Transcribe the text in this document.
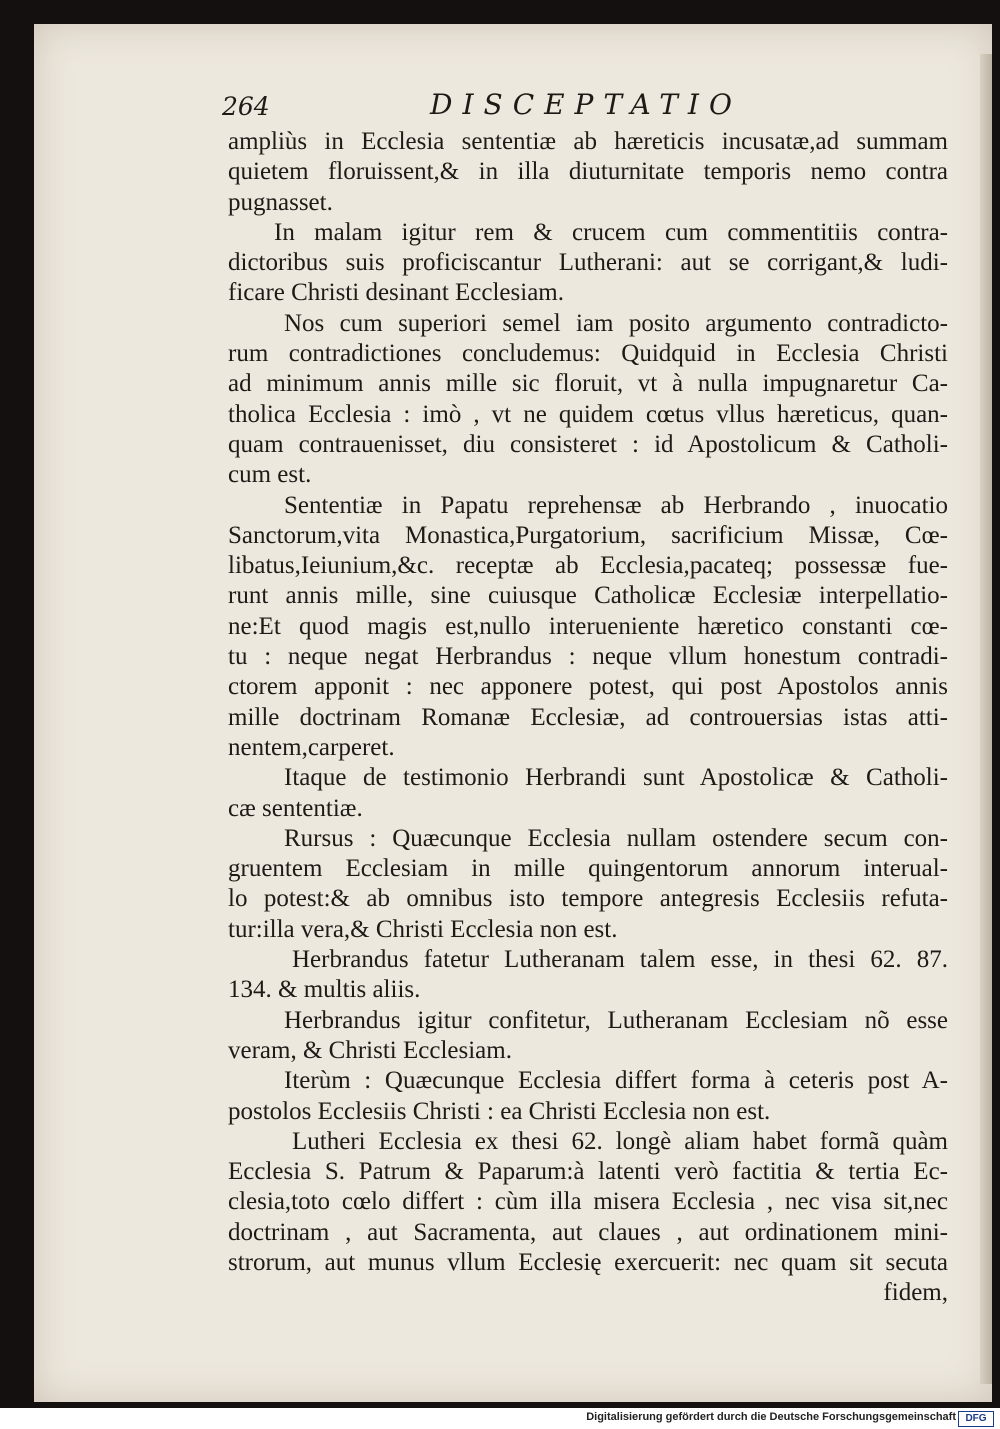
264	DISCEPTATIO
ampliùs in Ecclesia sententiæ ab hæreticis incusatæ,ad summam
quietem floruissent,& in illa diuturnitate temporis nemo contra
pugnasset.
In malam igitur rem & crucem cum commentitiis contra-
dictoribus suis proficiscantur Lutherani: aut se corrigant,& ludi-
ficare Christi desinant Ecclesiam.
Nos cum superiori semel iam posito argumento contradicto-
rum contradictiones concludemus: Quidquid in Ecclesia Christi
ad minimum annis mille sic floruit, vt à nulla impugnaretur Ca-
tholica Ecclesia : imò , vt ne quidem cœtus vllus hæreticus, quan-
quam contrauenisset, diu consisteret : id Apostolicum & Catholi-
cum est.
Sententiæ in Papatu reprehensæ ab Herbrando , inuocatio
Sanctorum,vita Monastica,Purgatorium, sacrificium Missæ, Cœ-
libatus,Ieiunium,&c. receptæ ab Ecclesia,pacateq; possessæ fue-
runt annis mille, sine cuiusque Catholicæ Ecclesiæ interpellatio-
ne:Et quod magis est,nullo interueniente hæretico constanti cœ-
tu : neque negat Herbrandus : neque vllum honestum contradi-
ctorem apponit : nec apponere potest, qui post Apostolos annis
mille doctrinam Romanæ Ecclesiæ, ad controuersias istas atti-
nentem,carperet.
Itaque de testimonio Herbrandi sunt Apostolicæ & Catholi-
cæ sententiæ.
Rursus : Quæcunque Ecclesia nullam ostendere secum con-
gruentem Ecclesiam in mille quingentorum annorum interual-
lo potest:& ab omnibus isto tempore antegresis Ecclesiis refuta-
tur:illa vera,& Christi Ecclesia non est.
Herbrandus fatetur Lutheranam talem esse, in thesi 62. 87.
134. & multis aliis.
Herbrandus igitur confitetur, Lutheranam Ecclesiam nõ esse
veram, & Christi Ecclesiam.
Iterùm : Quæcunque Ecclesia differt forma à ceteris post A-
postolos Ecclesiis Christi : ea Christi Ecclesia non est.
Lutheri Ecclesia ex thesi 62. longè aliam habet formã quàm
Ecclesia S. Patrum & Paparum:à latenti verò factitia & tertia Ec-
clesia,toto cœlo differt : cùm illa misera Ecclesia , nec visa sit,nec
doctrinam , aut Sacramenta, aut claues , aut ordinationem mini-
strorum, aut munus vllum Ecclesię exercuerit: nec quam sit secuta
fidem,
Digitalisierung gefördert durch die Deutsche Forschungsgemeinschaft DFG
